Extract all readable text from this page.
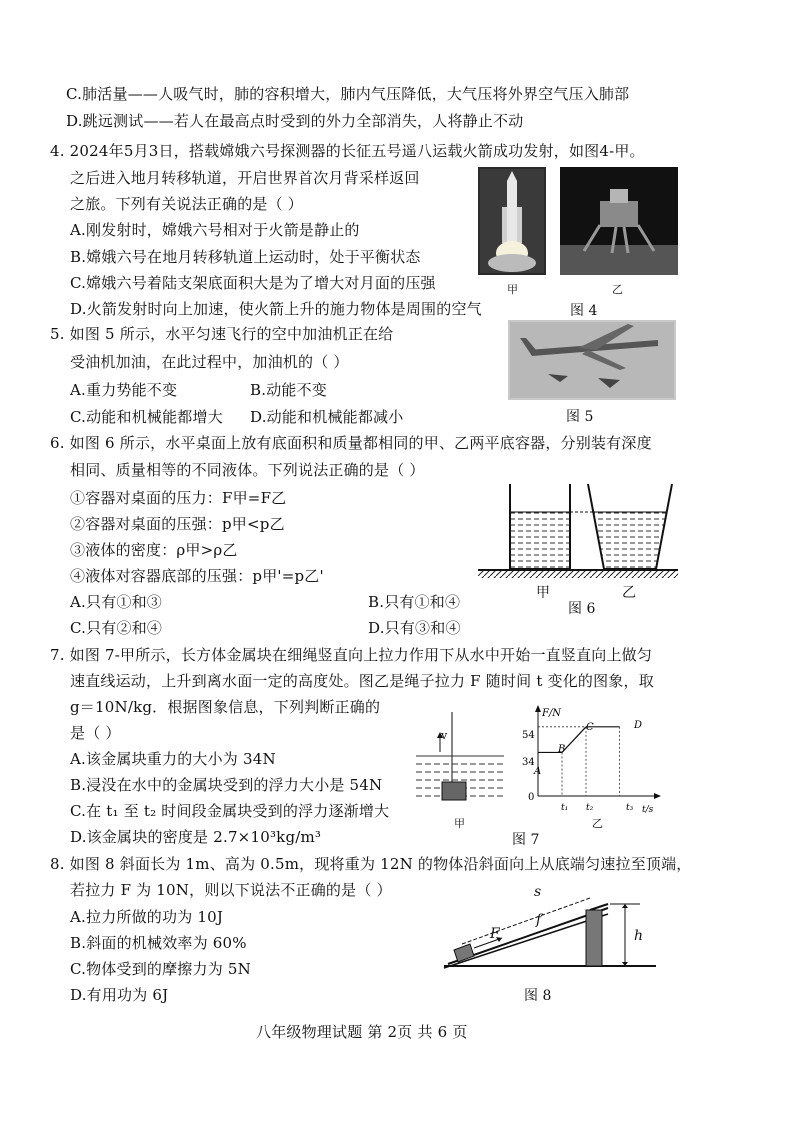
C.肺活量——人吸气时，肺的容积增大，肺内气压降低，大气压将外界空气压入肺部
D.跳远测试——若人在最高点时受到的外力全部消失，人将静止不动
4. 2024年5月3日，搭载嫦娥六号探测器的长征五号遥八运载火箭成功发射，如图4-甲。
之后进入地月转移轨道，开启世界首次月背采样返回
之旅。下列有关说法正确的是（ ）
A.刚发射时，嫦娥六号相对于火箭是静止的
B.嫦娥六号在地月转移轨道上运动时，处于平衡状态
C.嫦娥六号着陆支架底面积大是为了增大对月面的压强
D.火箭发射时向上加速，使火箭上升的施力物体是周围的空气
甲	乙
图 4
5. 如图 5 所示，水平匀速飞行的空中加油机正在给
受油机加油，在此过程中，加油机的（ ）
A.重力势能不变	B.动能不变
C.动能和机械能都增大 D.动能和机械能都减小	图 5
6. 如图 6 所示，水平桌面上放有底面积和质量都相同的甲、乙两平底容器，分别装有深度
相同、质量相等的不同液体。下列说法正确的是（ ）
①容器对桌面的压力：F甲=F乙
②容器对桌面的压强：p甲<p乙
③液体的密度：ρ甲>ρ乙
④液体对容器底部的压强：p甲'=p乙'
A.只有①和③	B.只有①和④
C.只有②和④	D.只有③和④
甲	乙
图 6
7. 如图 7-甲所示，长方体金属块在细绳竖直向上拉力作用下从水中开始一直竖直向上做匀
速直线运动，上升到离水面一定的高度处。图乙是绳子拉力 F 随时间 t 变化的图象，取
g＝10N/kg．根据图象信息，下列判断正确的
是（ ）
A.该金属块重力的大小为 34N
B.浸没在水中的金属块受到的浮力大小是 54N
C.在 t₁ 至 t₂ 时间段金属块受到的浮力逐渐增大
D.该金属块的密度是 2.7×10³kg/m³
v
甲
F/N
t/s
54
34
0
t₁ t₂	t₃
A
B
C	D
乙
图 7
8. 如图 8 斜面长为 1m、高为 0.5m，现将重为 12N 的物体沿斜面向上从底端匀速拉至顶端，
若拉力 F 为 10N，则以下说法不正确的是（ ）
A.拉力所做的功为 10J
B.斜面的机械效率为 60%
C.物体受到的摩擦力为 5N
D.有用功为 6J
s
f
F	h
图 8
八年级物理试题 第 2页 共 6 页
